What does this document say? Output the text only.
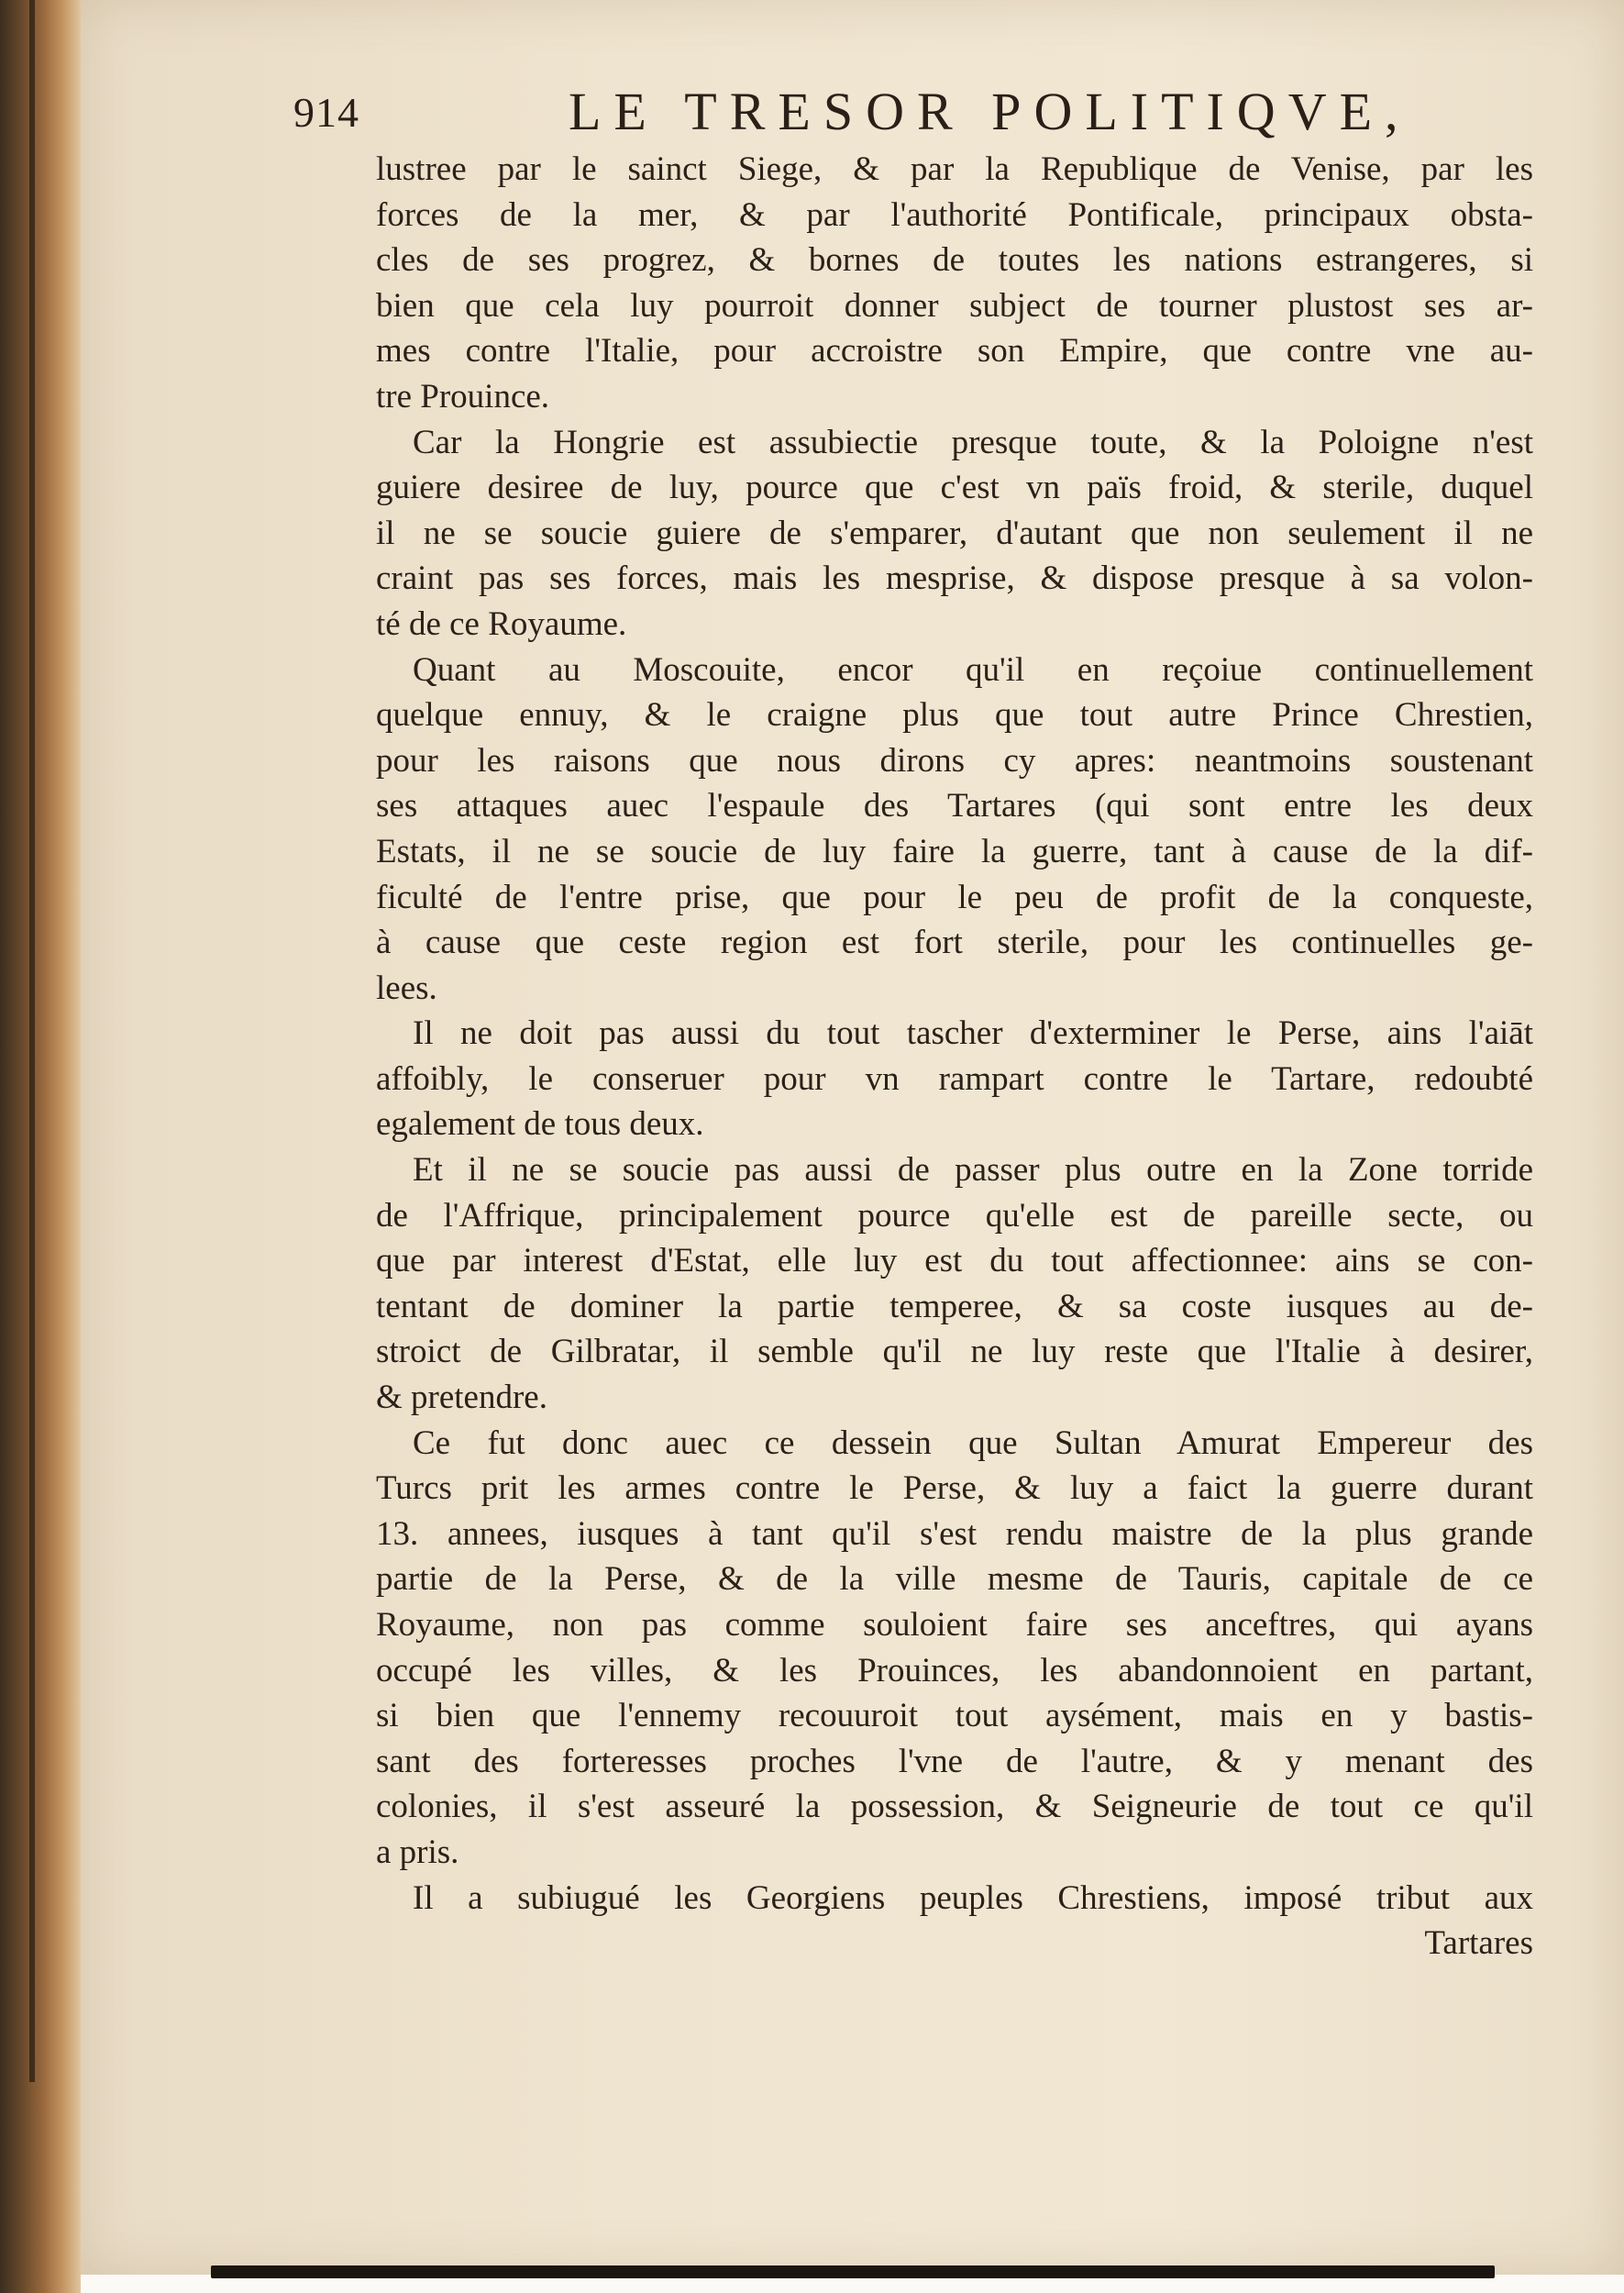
914	LE TRESOR POLITIQVE,
lustree par le sainct Siege, & par la Republique de Venise, par les
forces de la mer, & par l'authorité Pontificale, principaux obsta-
cles de ses progrez, & bornes de toutes les nations estrangeres, si
bien que cela luy pourroit donner subject de tourner plustost ses ar-
mes contre l'Italie, pour accroistre son Empire, que contre vne au-
tre Prouince.
Car la Hongrie est assubiectie presque toute, & la Poloigne n'est
guiere desiree de luy, pource que c'est vn païs froid, & sterile, duquel
il ne se soucie guiere de s'emparer, d'autant que non seulement il ne
craint pas ses forces, mais les mesprise, & dispose presque à sa volon-
té de ce Royaume.
Quant au Moscouite, encor qu'il en reçoiue continuellement
quelque ennuy, & le craigne plus que tout autre Prince Chrestien,
pour les raisons que nous dirons cy apres: neantmoins soustenant
ses attaques auec l'espaule des Tartares (qui sont entre les deux
Estats, il ne se soucie de luy faire la guerre, tant à cause de la dif-
ficulté de l'entre prise, que pour le peu de profit de la conqueste,
à cause que ceste region est fort sterile, pour les continuelles ge-
lees.
Il ne doit pas aussi du tout tascher d'exterminer le Perse, ains l'aiāt
affoibly, le conseruer pour vn rampart contre le Tartare, redoubté
egalement de tous deux.
Et il ne se soucie pas aussi de passer plus outre en la Zone torride
de l'Affrique, principalement pource qu'elle est de pareille secte, ou
que par interest d'Estat, elle luy est du tout affectionnee: ains se con-
tentant de dominer la partie temperee, & sa coste iusques au de-
stroict de Gilbratar, il semble qu'il ne luy reste que l'Italie à desirer,
& pretendre.
Ce fut donc auec ce dessein que Sultan Amurat Empereur des
Turcs prit les armes contre le Perse, & luy a faict la guerre durant
13. annees, iusques à tant qu'il s'est rendu maistre de la plus grande
partie de la Perse, & de la ville mesme de Tauris, capitale de ce
Royaume, non pas comme souloient faire ses anceftres, qui ayans
occupé les villes, & les Prouinces, les abandonnoient en partant,
si bien que l'ennemy recouuroit tout aysément, mais en y bastis-
sant des forteresses proches l'vne de l'autre, & y menant des
colonies, il s'est asseuré la possession, & Seigneurie de tout ce qu'il
a pris.
Il a subiugué les Georgiens peuples Chrestiens, imposé tribut aux
Tartares
